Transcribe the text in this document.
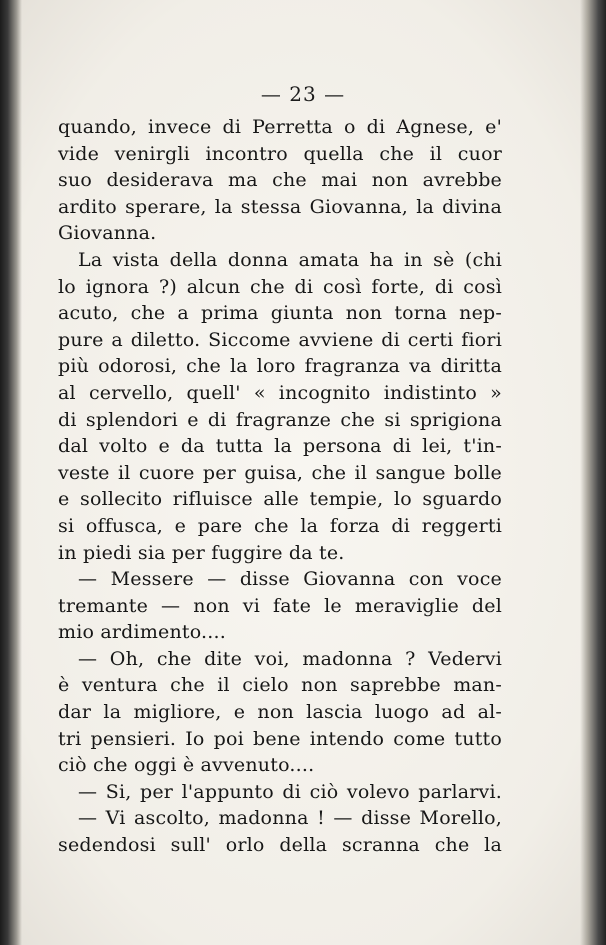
— 23 —
quando, invece di Perretta o di Agnese, e'
vide venirgli incontro quella che il cuor
suo desiderava ma che mai non avrebbe
ardito sperare, la stessa Giovanna, la divina
Giovanna.
La vista della donna amata ha in sè (chi
lo ignora ?) alcun che di così forte, di così
acuto, che a prima giunta non torna nep-
pure a diletto. Siccome avviene di certi fiori
più odorosi, che la loro fragranza va diritta
al cervello, quell' « incognito indistinto »
di splendori e di fragranze che si sprigiona
dal volto e da tutta la persona di lei, t'in-
veste il cuore per guisa, che il sangue bolle
e sollecito rifluisce alle tempie, lo sguardo
si offusca, e pare che la forza di reggerti
in piedi sia per fuggire da te.
— Messere — disse Giovanna con voce
tremante — non vi fate le meraviglie del
mio ardimento....
— Oh, che dite voi, madonna ? Vedervi
è ventura che il cielo non saprebbe man-
dar la migliore, e non lascia luogo ad al-
tri pensieri. Io poi bene intendo come tutto
ciò che oggi è avvenuto....
— Si, per l'appunto di ciò volevo parlarvi.
— Vi ascolto, madonna ! — disse Morello,
sedendosi sull' orlo della scranna che la
